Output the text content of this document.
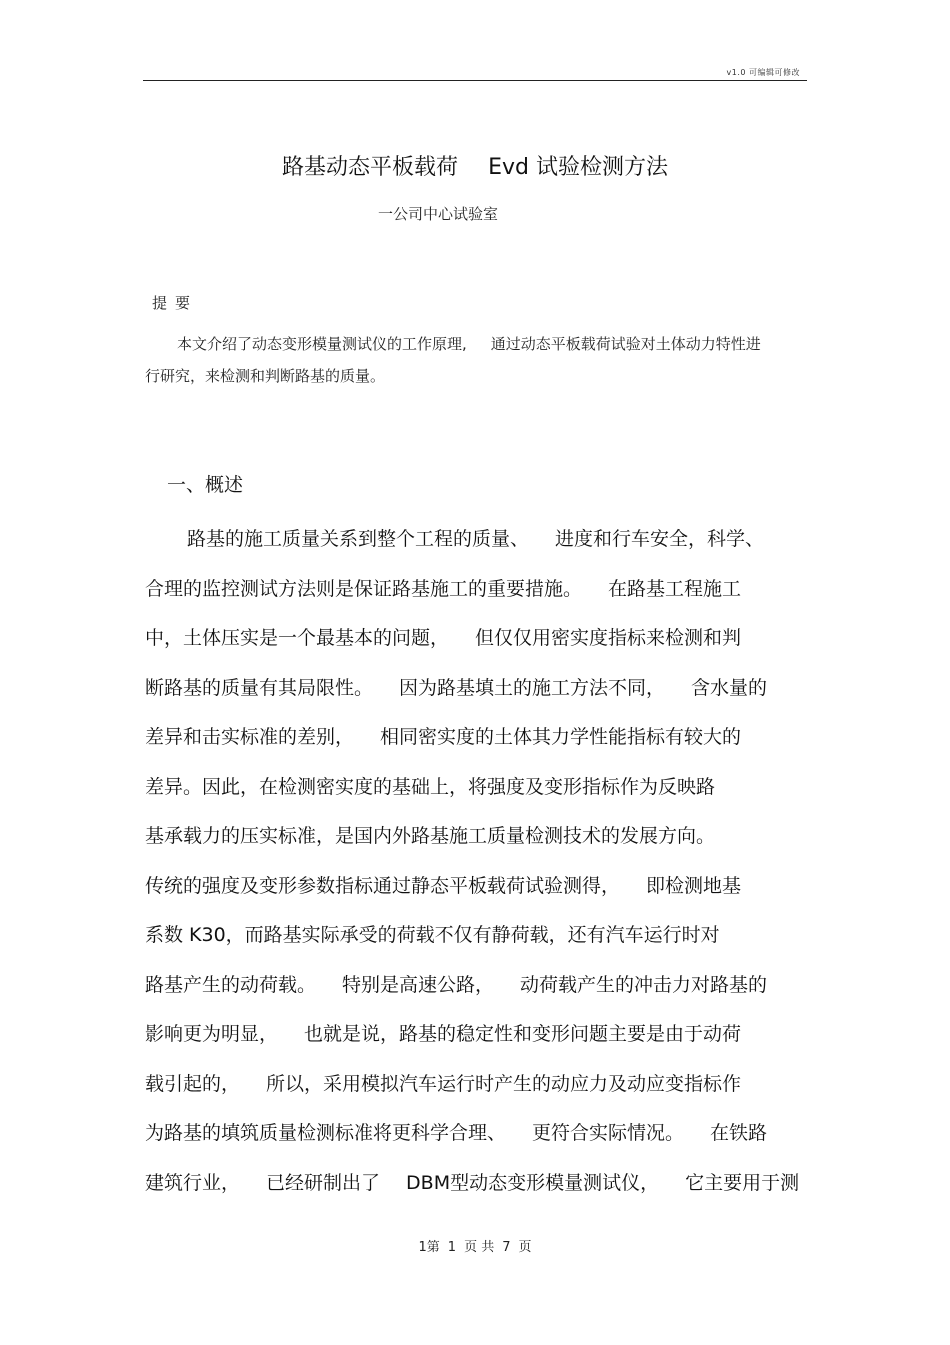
v1.0 可编辑可修改
路基动态平板载荷 Evd 试验检测方法
一公司中心试验室
提要
本文介绍了动态变形模量测试仪的工作原理, 通过动态平板载荷试验对土体动力特性进
行研究，来检测和判断路基的质量。
一、概述
路基的施工质量关系到整个工程的质量、 进度和行车安全，科学、
合理的监控测试方法则是保证路基施工的重要措施。 在路基工程施工
中，土体压实是一个最基本的问题， 但仅仅用密实度指标来检测和判
断路基的质量有其局限性。 因为路基填土的施工方法不同， 含水量的
差异和击实标准的差别， 相同密实度的土体其力学性能指标有较大的
差异。因此，在检测密实度的基础上，将强度及变形指标作为反映路
基承载力的压实标准，是国内外路基施工质量检测技术的发展方向。
传统的强度及变形参数指标通过静态平板载荷试验测得， 即检测地基
系数 K30，而路基实际承受的荷载不仅有静荷载，还有汽车运行时对
路基产生的动荷载。 特别是高速公路， 动荷载产生的冲击力对路基的
影响更为明显， 也就是说，路基的稳定性和变形问题主要是由于动荷
载引起的， 所以，采用模拟汽车运行时产生的动应力及动应变指标作
为路基的填筑质量检测标准将更科学合理、 更符合实际情况。 在铁路
建筑行业， 已经研制出了 DBM型动态变形模量测试仪， 它主要用于测
1第 1 页 共 7 页
